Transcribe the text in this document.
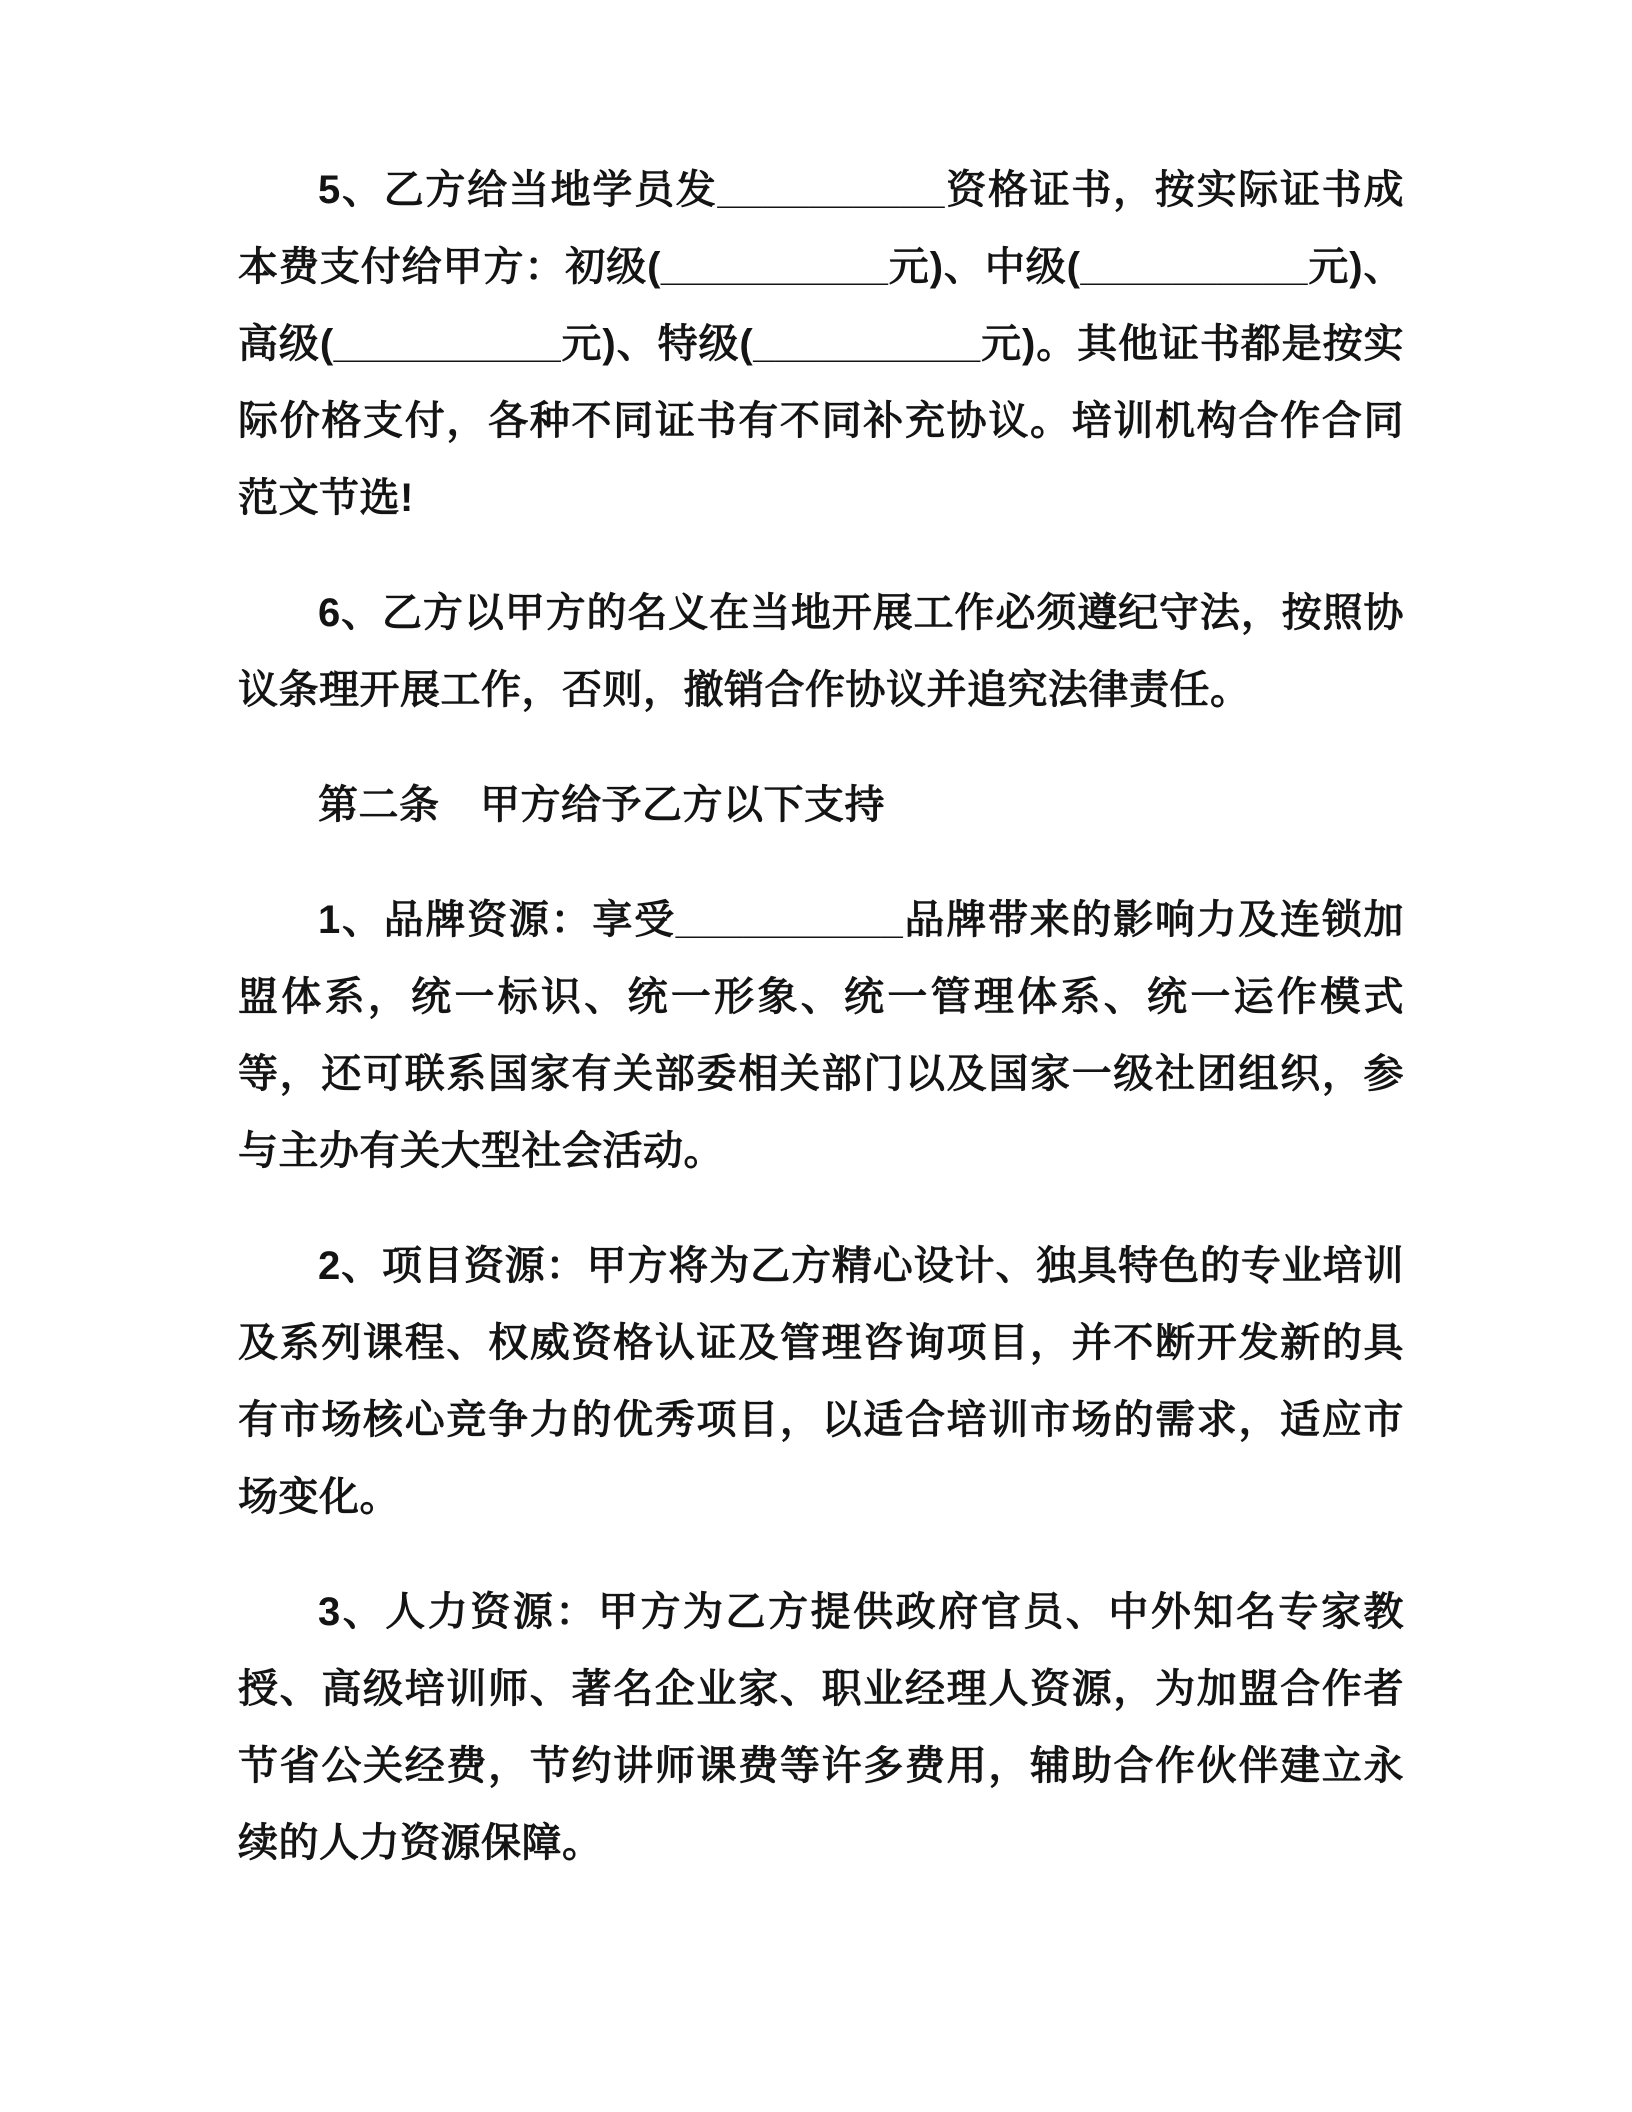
5、乙方给当地学员发__________资格证书，按实际证书成本费支付给甲方：初级(__________元)、中级(__________元)、高级(__________元)、特级(__________元)。其他证书都是按实际价格支付，各种不同证书有不同补充协议。培训机构合作合同范文节选!

6、乙方以甲方的名义在当地开展工作必须遵纪守法，按照协议条理开展工作，否则，撤销合作协议并追究法律责任。

第二条　甲方给予乙方以下支持

1、品牌资源：享受__________品牌带来的影响力及连锁加盟体系，统一标识、统一形象、统一管理体系、统一运作模式等，还可联系国家有关部委相关部门以及国家一级社团组织，参与主办有关大型社会活动。

2、项目资源：甲方将为乙方精心设计、独具特色的专业培训及系列课程、权威资格认证及管理咨询项目，并不断开发新的具有市场核心竞争力的优秀项目，以适合培训市场的需求，适应市场变化。

3、人力资源：甲方为乙方提供政府官员、中外知名专家教授、高级培训师、著名企业家、职业经理人资源，为加盟合作者节省公关经费，节约讲师课费等许多费用，辅助合作伙伴建立永续的人力资源保障。
